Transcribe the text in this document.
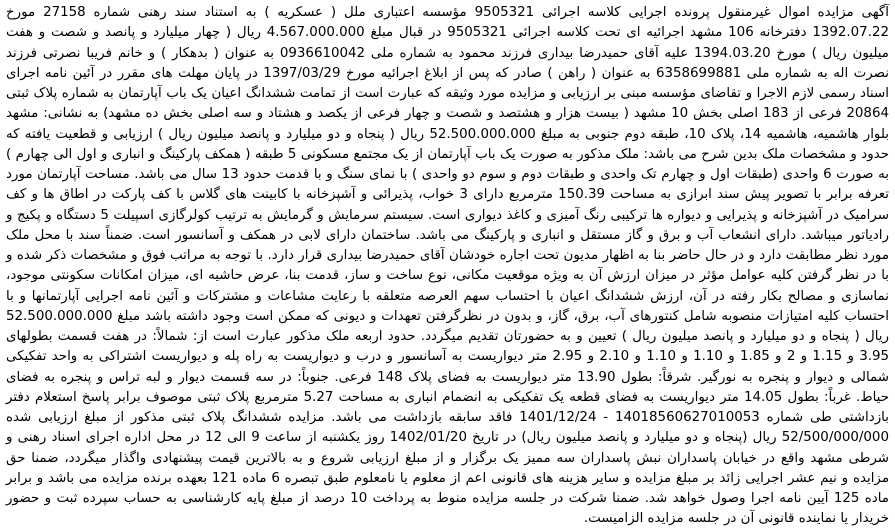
آگهی مزایده اموال غیرمنقول پرونده اجرایی کلاسه اجرائی 9505321 مؤسسه اعتباری ملل ( عسکریه ) به استناد سند رهنی شماره 27158 مورخ 1392.07.22 دفترخانه 106 مشهد اجرائیه ای تحت کلاسه اجرائی 9505321 در قبال مبلغ 4.567.000.000 ریال ( چهار میلیارد و پانصد و شصت و هفت میلیون ریال ) مورخ 1394.03.20 علیه آقای حمیدرضا بیداری فرزند محمود به شماره ملی 0936610042 به عنوان ( بدهکار ) و خانم فریبا نصرتی فرزند نصرت اله به شماره ملی 6358699881 به عنوان ( راهن ) صادر که پس از ابلاغ اجرائیه مورخ 1397/03/29 در پایان مهلت های مقرر در آئین نامه اجرای اسناد رسمی لازم الاجرا و تقاضای مؤسسه مبنی بر ارزیابی و مزایده مورد وثیقه که عبارت است از تمامت ششدانگ اعیان یک باب آپارتمان به شماره پلاک ثبتی 20864 فرعی از 183 اصلی بخش 10 مشهد ( بیست هزار و هشتصد و شصت و چهار فرعی از یکصد و هشتاد و سه اصلی بخش ده مشهد) به نشانی: مشهد بلوار هاشمیه، هاشمیه 14، پلاک 10، طبقه دوم جنوبی به مبلغ 52.500.000.000 ریال ( پنجاه و دو میلیارد و پانصد میلیون ریال ) ارزیابی و قطعیت یافته که حدود و مشخصات ملک بدین شرح می باشد: ملک مذکور به صورت یک باب آپارتمان از یک مجتمع مسکونی 5 طبقه ( همکف پارکینگ و انباری و اول الی چهارم ) به صورت 6 واحدی (طبقات اول و چهارم تک واحدی و طبقات دوم و سوم دو واحدی ) با نمای سنگ و با قدمت حدود 13 سال می باشد. مساحت آپارتمان مورد تعرفه برابر با تصویر پیش سند ابرازی به مساحت 150.39 مترمربع دارای 3 خواب، پذیرائی و آشپزخانه با کابینت های گلاس با کف پارکت در اطاق ها و کف سرامیک در آشپزخانه و پذیرایی و دیواره ها ترکیبی رنگ آمیزی و کاغذ دیواری است. سیستم سرمایش و گرمایش به ترتیب کولرگازی اسپیلت 5 دستگاه و پکیج و رادیاتور میباشد. دارای انشعاب آب و برق و گاز مستقل و انباری و پارکینگ می باشد. ساختمان دارای لابی در همکف و آسانسور است. ضمناً سند با محل ملک مورد نظر مطابقت دارد و در حال حاضر بنا به اظهار مدیون تحت اجاره خودشان آقای حمیدرضا بیداری قرار دارد. با توجه به مراتب فوق و مشخصات ذکر شده و با در نظر گرفتن کلیه عوامل مؤثر در میزان ارزش آن به ویژه موقعیت مکانی، نوع ساخت و ساز، قدمت بنا، عرض حاشیه ای، میزان امکانات سکونتی موجود، نماسازی و مصالح بکار رفته در آن، ارزش ششدانگ اعیان با احتساب سهم العرصه متعلقه با رعایت مشاعات و مشترکات و آئین نامه اجرایی آپارتمانها و با احتساب کلیه امتیازات منصوبه شامل کنتورهای آب، برق، گاز، و بدون در نظرگرفتن تعهدات و دیونی که ممکن است وجود داشته باشد مبلغ 52.500.000.000 ریال ( پنجاه و دو میلیارد و پانصد میلیون ریال ) تعیین و به حضورتان تقدیم میگردد. حدود اربعه ملک مذکور عبارت است از: شمالاً: در هفت قسمت بطولهای 3.95 و 1.15 و 2 و 1.85 و 1.10 و 1.10 و 2.10 و 2.95 متر دیواریست به آسانسور و درب و دیواریست به راه پله و دیواریست اشتراکی به واحد تفکیکی شمالی و دیوار و پنجره به نورگیر. شرقاً: بطول 13.90 متر دیواریست به فضای پلاک 148 فرعی. جنوباً: در سه قسمت دیوار و لبه تراس و پنجره به فضای حیاط. غرباً: بطول 14.05 متر دیواریست به فضای قطعه یک تفکیکی به انضمام انباری به مساحت 5.27 مترمربع پلاک ثبتی موصوف برابر پاسخ استعلام دفتر بازداشتی طی شماره 14018560627010053 - 1401/12/24 فاقد سابقه بازداشت می باشد. مزایده ششدانگ پلاک ثبتی مذکور از مبلغ ارزیابی شده 52/500/000/000 ریال (پنجاه و دو میلیارد و پانصد میلیون ریال) در تاریخ 1402/01/20 روز یکشنبه از ساعت 9 الی 12 در محل اداره اجرای اسناد رهنی و شرطی مشهد واقع در خیابان پاسداران نبش پاسداران سه ممیز یک برگزار و از مبلغ ارزیابی شروع و به بالاترین قیمت پیشنهادی واگذار میگردد، ضمنا حق مزایده و نیم عشر اجرایی زائد بر مبلغ مزایده و سایر هزینه های قانونی اعم از معلوم یا نامعلوم طبق تبصره 6 ماده 121 بعهده برنده مزایده می باشد و برابر ماده 125 آیین نامه اجرا وصول خواهد شد. ضمنا شرکت در جلسه مزایده منوط به پرداخت 10 درصد از مبلغ پایه کارشناسی به حساب سپرده ثبت و حضور خریدار یا نماینده قانونی آن در جلسه مزایده الزامیست.
